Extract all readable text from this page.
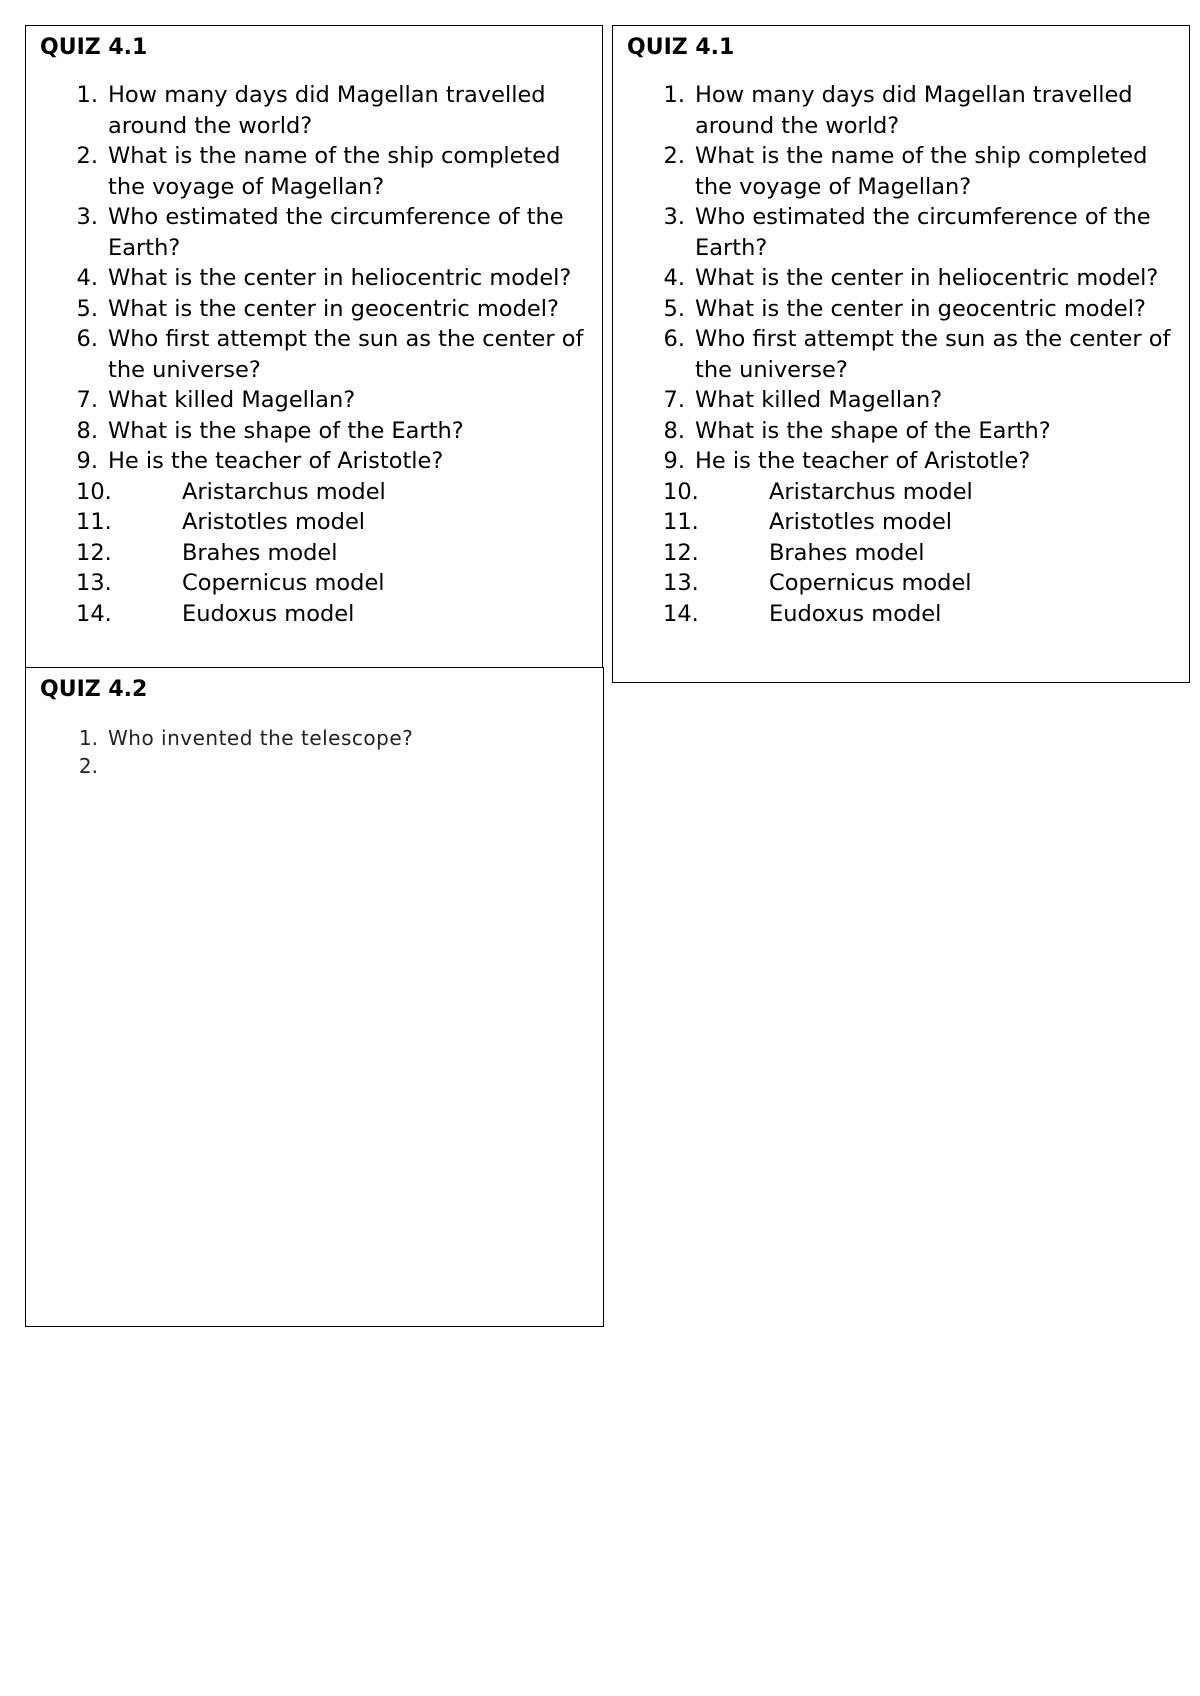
QUIZ 4.1
1. How many days did Magellan travelled around the world?
2. What is the name of the ship completed the voyage of Magellan?
3. Who estimated the circumference of the Earth?
4. What is the center in heliocentric model?
5. What is the center in geocentric model?
6. Who first attempt the sun as the center of the universe?
7. What killed Magellan?
8. What is the shape of the Earth?
9. He is the teacher of Aristotle?
10.	Aristarchus model
11.	Aristotles model
12.	Brahes model
13.	Copernicus model
14.	Eudoxus model
QUIZ 4.1
1. How many days did Magellan travelled around the world?
2. What is the name of the ship completed the voyage of Magellan?
3. Who estimated the circumference of the Earth?
4. What is the center in heliocentric model?
5. What is the center in geocentric model?
6. Who first attempt the sun as the center of the universe?
7. What killed Magellan?
8. What is the shape of the Earth?
9. He is the teacher of Aristotle?
10.	Aristarchus model
11.	Aristotles model
12.	Brahes model
13.	Copernicus model
14.	Eudoxus model
QUIZ 4.2
1. Who invented the telescope?
2.
